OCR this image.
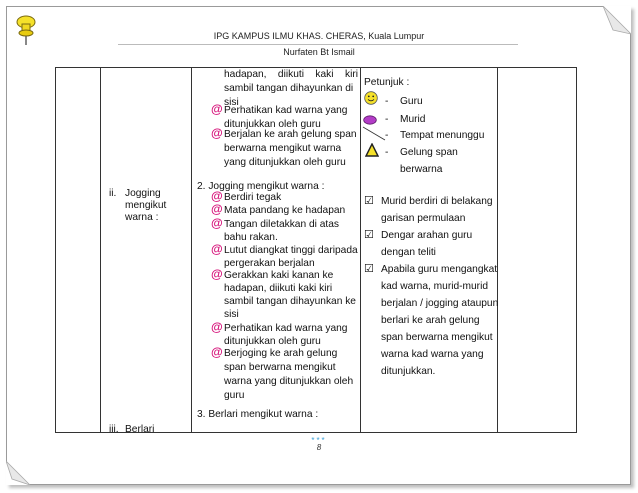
IPG KAMPUS ILMU KHAS. CHERAS, Kuala Lumpur
Nurfaten Bt Ismail
ii. Jogging
mengikut
warna :
iii. Berlari
hadapan, diikuti kaki kiri
sambil tangan dihayunkan di
sisi
@ Perhatikan kad warna yang
ditunjukkan oleh guru
@ Berjalan ke arah gelung span
berwarna mengikut warna
yang ditunjukkan oleh guru
2. Jogging mengikut warna :
@ Berdiri tegak
@ Mata pandang ke hadapan
@ Tangan diletakkan di atas
bahu rakan.
@ Lutut diangkat tinggi daripada
pergerakan berjalan
@ Gerakkan kaki kanan ke
hadapan, diikuti kaki kiri
sambil tangan dihayunkan ke
sisi
@ Perhatikan kad warna yang
ditunjukkan oleh guru
@ Berjoging ke arah gelung
span berwarna mengikut
warna yang ditunjukkan oleh
guru
3. Berlari mengikut warna :
Petunjuk :
- Guru
- Murid
- Tempat menunggu
- Gelung span
berwarna
☑ Murid berdiri di belakang
garisan permulaan
☑ Dengar arahan guru
dengan teliti
☑ Apabila guru mengangkat
kad warna, murid-murid
berjalan / jogging ataupun
berlari ke arah gelung
span berwarna mengikut
warna kad warna yang
ditunjukkan.
***
8
